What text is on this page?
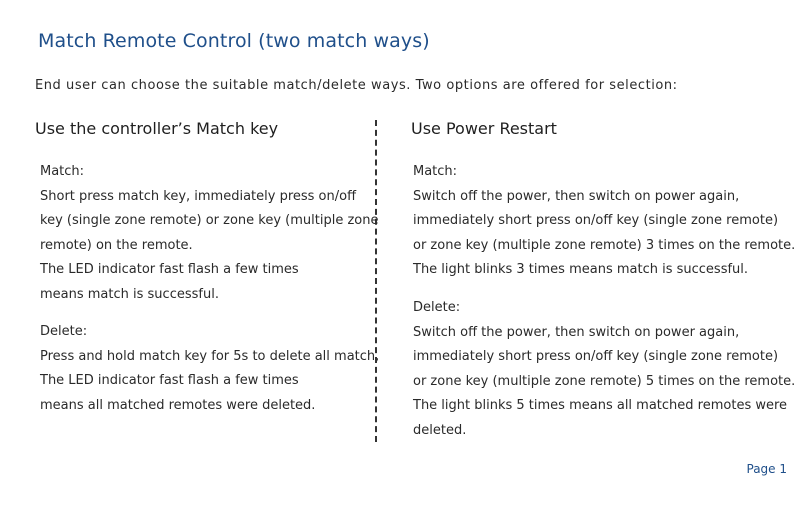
Match Remote Control (two match ways)
End user can choose the suitable match/delete ways. Two options are offered for selection:
Use the controller’s Match key	Use Power Restart
Match:
Short press match key, immediately press on/off
key (single zone remote) or zone key (multiple zone
remote) on the remote.
The LED indicator fast flash a few times
means match is successful.
Delete:
Press and hold match key for 5s to delete all match,
The LED indicator fast flash a few times
means all matched remotes were deleted.
Match:
Switch off the power, then switch on power again,
immediately short press on/off key (single zone remote)
or zone key (multiple zone remote) 3 times on the remote.
The light blinks 3 times means match is successful.
Delete:
Switch off the power, then switch on power again,
immediately short press on/off key (single zone remote)
or zone key (multiple zone remote) 5 times on the remote.
The light blinks 5 times means all matched remotes were
deleted.
Page 1
